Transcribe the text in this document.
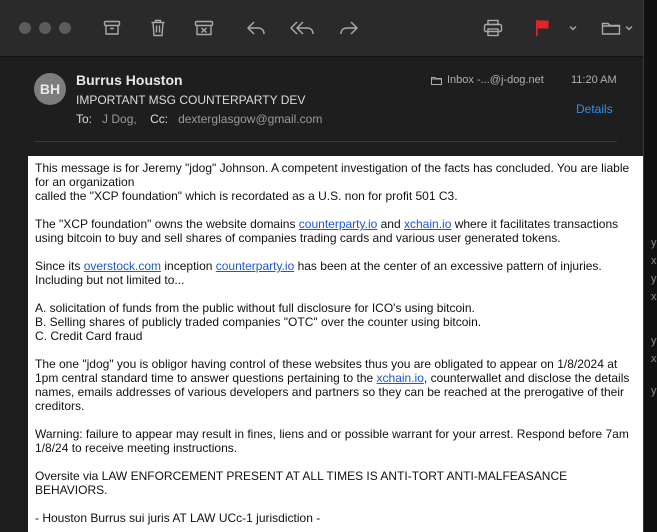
BH
Burrus Houston
IMPORTANT MSG COUNTERPARTY DEV
To: J Dog, Cc: dexterglasgow@gmail.com
Inbox -...@j-dog.net 11:20 AM
Details

This message is for Jeremy "jdog" Johnson. A competent investigation of the facts has concluded. You are liable for an organization
called the "XCP foundation" which is recordated as a U.S. non for profit 501 C3.

The "XCP foundation" owns the website domains counterparty.io and xchain.io where it facilitates transactions using bitcoin to buy and sell shares of companies trading cards and various user generated tokens.

Since its overstock.com inception counterparty.io has been at the center of an excessive pattern of injuries. Including but not limited to...

A. solicitation of funds from the public without full disclosure for ICO's using bitcoin.
B. Selling shares of publicly traded companies "OTC" over the counter using bitcoin.
C. Credit Card fraud

The one "jdog" you is obligor having control of these websites thus you are obligated to appear on 1/8/2024 at 1pm central standard time to answer questions pertaining to the xchain.io, counterwallet and disclose the details names, emails addresses of various developers and partners so they can be reached at the prerogative of their creditors.

Warning: failure to appear may result in fines, liens and or possible warrant for your arrest. Respond before 7am 1/8/24 to receive meeting instructions.

Oversite via LAW ENFORCEMENT PRESENT AT ALL TIMES IS ANTI-TORT ANTI-MALFEASANCE BEHAVIORS.

- Houston Burrus sui juris AT LAW UCc-1 jurisdiction -

y
x
y
x
y
x
y
